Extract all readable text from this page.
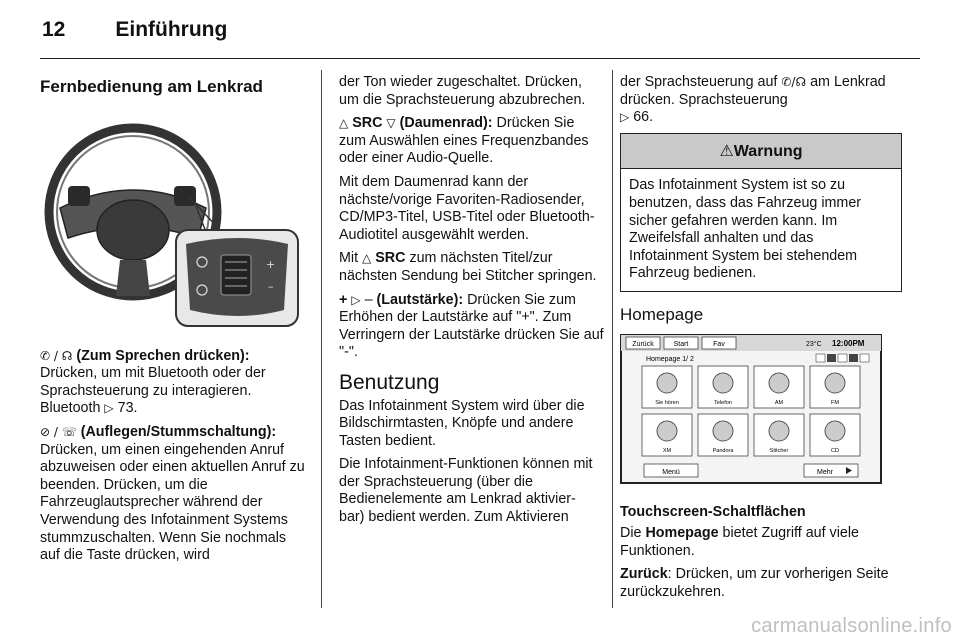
12 Einführung
Fernbedienung am Lenkrad
+
–

✆ / ☊ (Zum Sprechen drücken):
Drücken, um mit Bluetooth oder der Sprachsteuerung zu interagieren. Bluetooth ▷ 73.

⊘ / ☏ (Auflegen/Stummschaltung):
Drücken, um einen eingehenden Anruf abzuweisen oder einen aktuellen Anruf zu beenden. Drücken, um die Fahrzeuglautsprecher während der Verwendung des Infotainment Systems stummzuschalten. Wenn Sie nochmals auf die Taste drücken, wird

der Ton wieder zugeschaltet. Drücken, um die Sprachsteuerung abzubrechen.

△ SRC ▽ (Daumenrad): Drücken Sie zum Auswählen eines Frequenzbandes oder einer Audio-Quelle.

Mit dem Daumenrad kann der nächste/vorige Favoriten-Radiosender, CD/MP3-Titel, USB-Titel oder Bluetooth-Audiotitel ausgewählt werden.

Mit △ SRC zum nächsten Titel/zur nächsten Sendung bei Stitcher springen.

+ ▷ – (Lautstärke): Drücken Sie zum Erhöhen der Lautstärke auf "+". Zum Verringern der Lautstärke drücken Sie auf "-".

Benutzung

Das Infotainment System wird über die Bildschirmtasten, Knöpfe und andere Tasten bedient.

Die Infotainment-Funktionen können mit der Sprachsteuerung (über die Bedienelemente am Lenkrad aktivier- bar) bedient werden. Zum Aktivieren

der Sprachsteuerung auf ✆/☊ am Lenkrad drücken. Sprachsteuerung
▷ 66.

⚠Warnung
Das Infotainment System ist so zu benutzen, dass das Fahrzeug immer sicher gefahren werden kann. Im Zweifelsfall anhalten und das Infotainment System bei stehendem Fahrzeug bedienen.
Homepage
Zurück	Start	Fav	23°C 12:00PM
Homepage 1/ 2
Sie hören	Telefon	AM	FM
XM	Pandora	Stitcher	CD
Menü	Mehr

Touchscreen-Schaltflächen

Die Homepage bietet Zugriff auf viele Funktionen.

Zurück: Drücken, um zur vorherigen Seite zurückzukehren.

carmanualsonline.info
